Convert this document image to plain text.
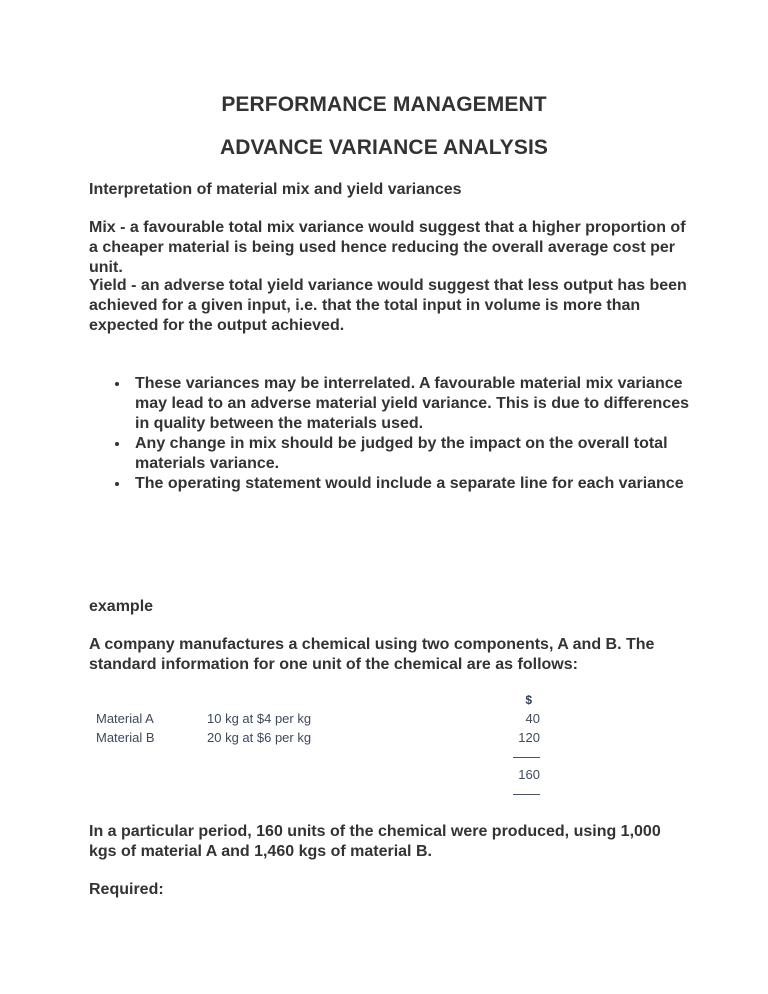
PERFORMANCE MANAGEMENT
ADVANCE VARIANCE ANALYSIS

Interpretation of material mix and yield variances

Mix - a favourable total mix variance would suggest that a higher proportion of a cheaper material is being used hence reducing the overall average cost per unit.

Yield - an adverse total yield variance would suggest that less output has been achieved for a given input, i.e. that the total input in volume is more than expected for the output achieved.

These variances may be interrelated. A favourable material mix variance may lead to an adverse material yield variance. This is due to differences in quality between the materials used.
Any change in mix should be judged by the impact on the overall total materials variance.
The operating statement would include a separate line for each variance

example

A company manufactures a chemical using two components, A and B. The standard information for one unit of the chemical are as follows:

$
Material A	10 kg at $4 per kg	40
Material B	20 kg at $6 per kg	120
160

In a particular period, 160 units of the chemical were produced, using 1,000 kgs of material A and 1,460 kgs of material B.

Required:
